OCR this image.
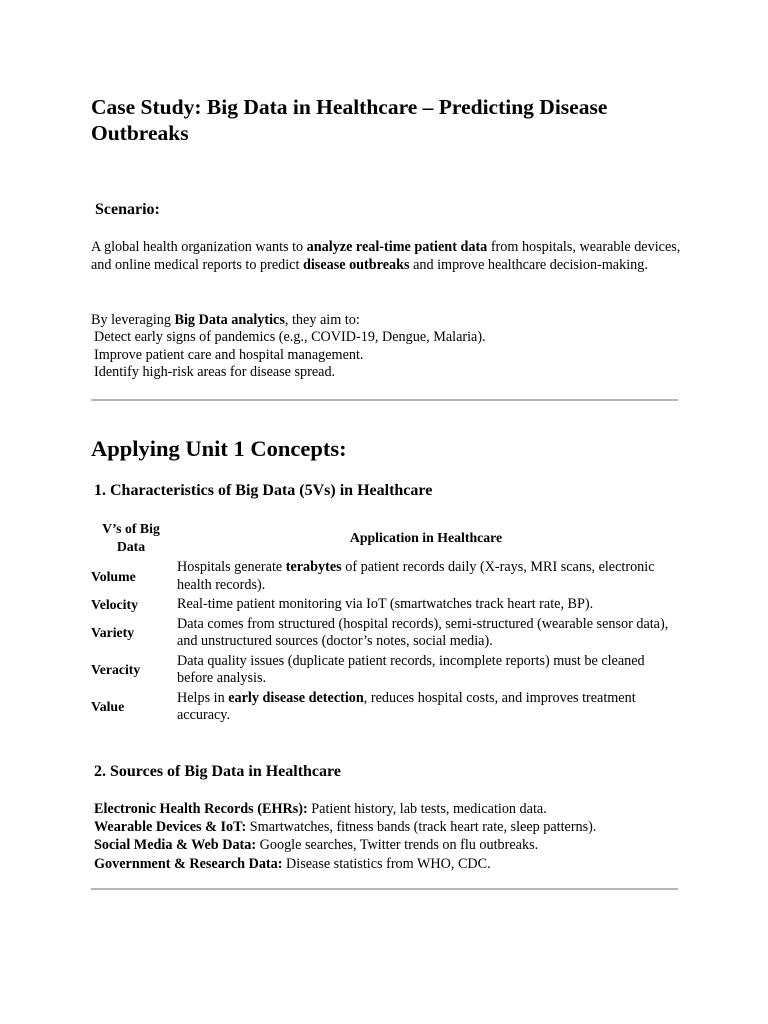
Case Study: Big Data in Healthcare – Predicting Disease Outbreaks
Scenario:

A global health organization wants to analyze real-time patient data from hospitals, wearable devices, and online medical reports to predict disease outbreaks and improve healthcare decision-making.

By leveraging Big Data analytics, they aim to:

Detect early signs of pandemics (e.g., COVID-19, Dengue, Malaria).
Improve patient care and hospital management.
Identify high-risk areas for disease spread.
Applying Unit 1 Concepts:
1. Characteristics of Big Data (5Vs) in Healthcare
V’s of Big Data	Application in Healthcare
Volume	Hospitals generate terabytes of patient records daily (X-rays, MRI scans, electronic health records).
Velocity	Real-time patient monitoring via IoT (smartwatches track heart rate, BP).
Variety	Data comes from structured (hospital records), semi-structured (wearable sensor data), and unstructured sources (doctor’s notes, social media).
Veracity	Data quality issues (duplicate patient records, incomplete reports) must be cleaned before analysis.
Value	Helps in early disease detection, reduces hospital costs, and improves treatment accuracy.
2. Sources of Big Data in Healthcare
Electronic Health Records (EHRs): Patient history, lab tests, medication data.
Wearable Devices & IoT: Smartwatches, fitness bands (track heart rate, sleep patterns).
Social Media & Web Data: Google searches, Twitter trends on flu outbreaks.
Government & Research Data: Disease statistics from WHO, CDC.
